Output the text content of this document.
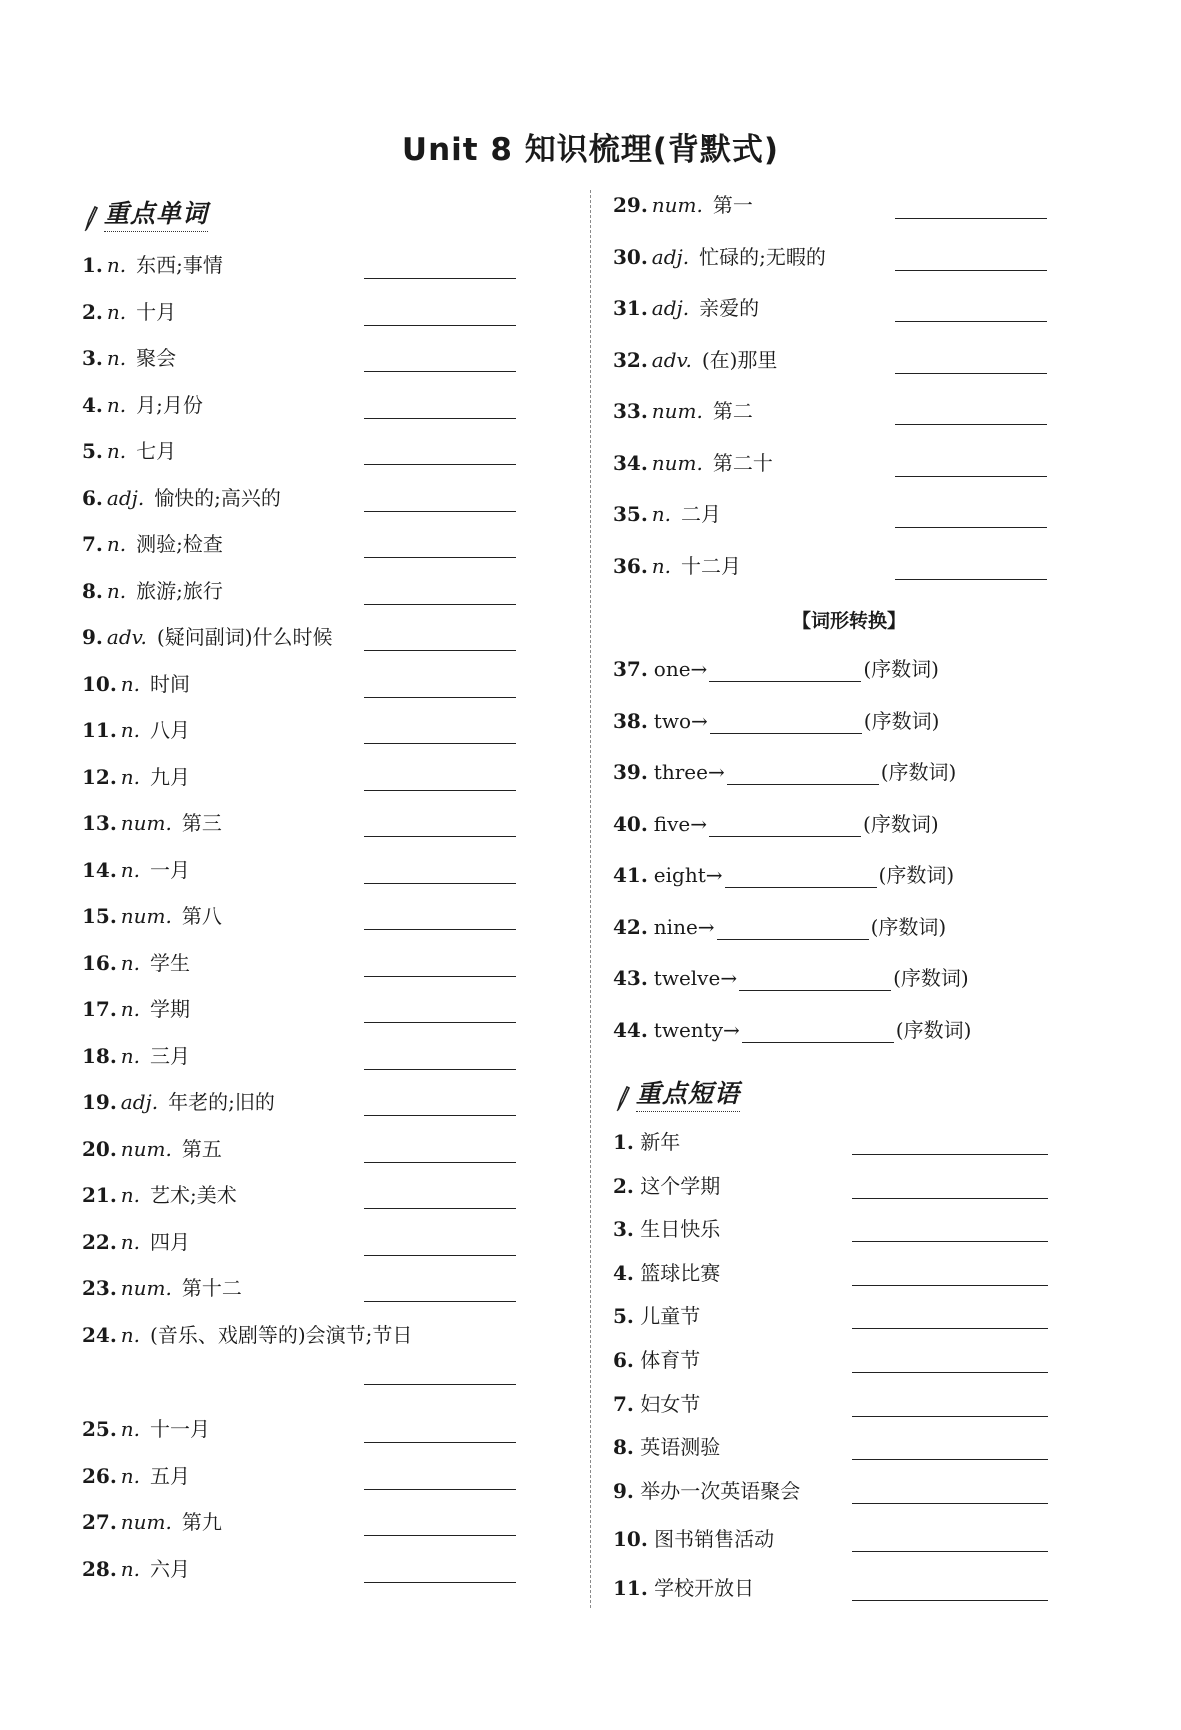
Unit 8 知识梳理(背默式)
重点单词
1. n. 东西;事情
2. n. 十月
3. n. 聚会
4. n. 月;月份
5. n. 七月
6. adj. 愉快的;高兴的
7. n. 测验;检查
8. n. 旅游;旅行
9. adv. (疑问副词)什么时候
10. n. 时间
11. n. 八月
12. n. 九月
13. num. 第三
14. n. 一月
15. num. 第八
16. n. 学生
17. n. 学期
18. n. 三月
19. adj. 年老的;旧的
20. num. 第五
21. n. 艺术;美术
22. n. 四月
23. num. 第十二
24. n. (音乐、戏剧等的)会演节;节日
25. n. 十一月
26. n. 五月
27. num. 第九
28. n. 六月
29. num. 第一
30. adj. 忙碌的;无暇的
31. adj. 亲爱的
32. adv. (在)那里
33. num. 第二
34. num. 第二十
35. n. 二月
36. n. 十二月
【词形转换】
37. one→	(序数词)
38. two→	(序数词)
39. three→	(序数词)
40. five→	(序数词)
41. eight→	(序数词)
42. nine→	(序数词)
43. twelve→	(序数词)
44. twenty→	(序数词)
重点短语
1. 新年
2. 这个学期
3. 生日快乐
4. 篮球比赛
5. 儿童节
6. 体育节
7. 妇女节
8. 英语测验
9. 举办一次英语聚会
10. 图书销售活动
11. 学校开放日
